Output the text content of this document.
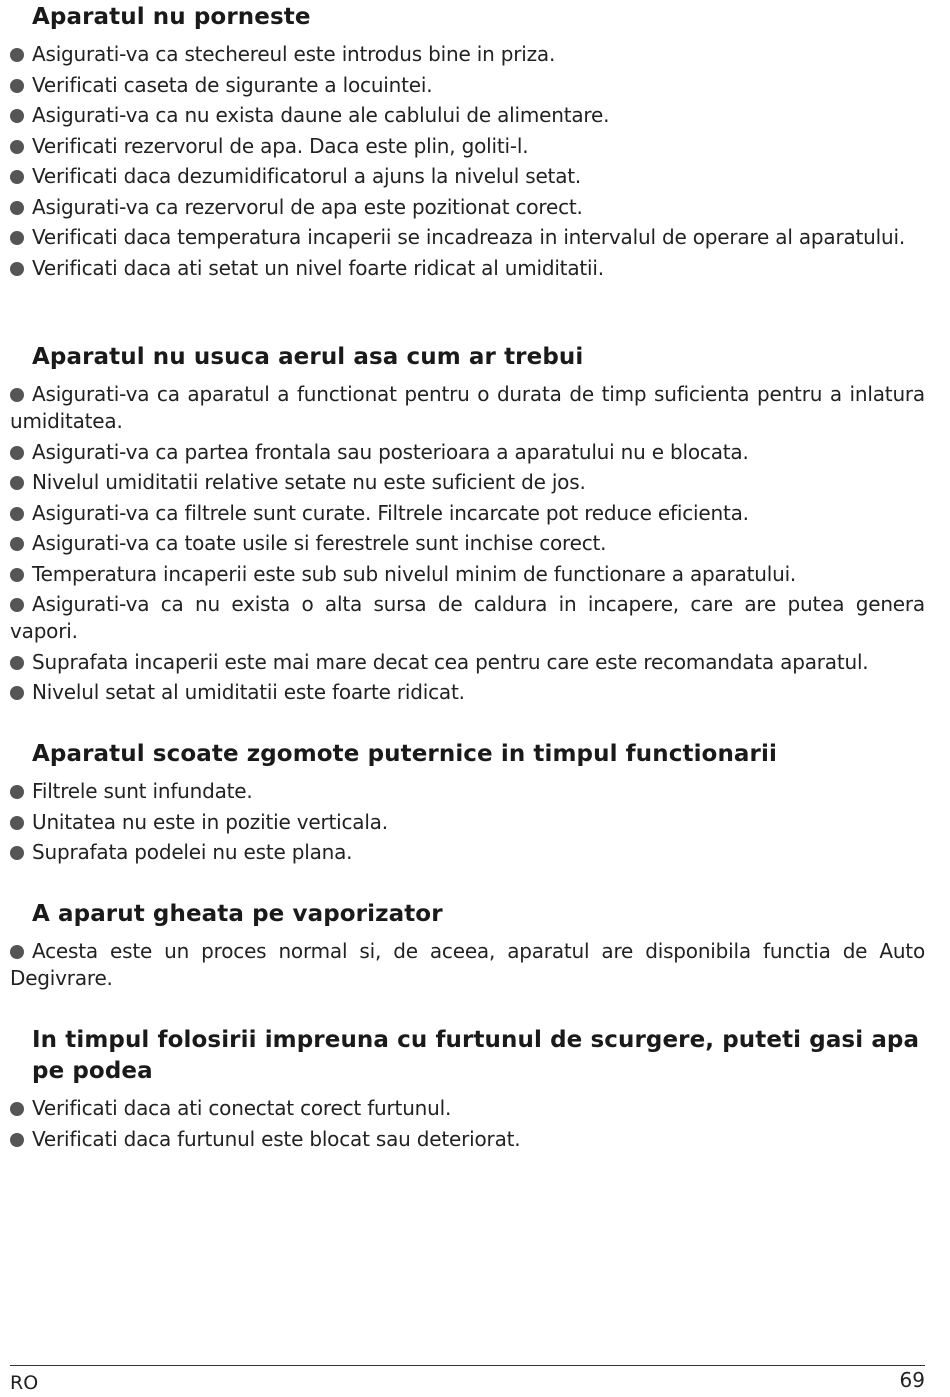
Aparatul nu porneste
Asigurati-va ca stechereul este introdus bine in priza.
Verificati caseta de sigurante a locuintei.
Asigurati-va ca nu exista daune ale cablului de alimentare.
Verificati rezervorul de apa. Daca este plin, goliti-l.
Verificati daca dezumidificatorul a ajuns la nivelul setat.
Asigurati-va ca rezervorul de apa este pozitionat corect.
Verificati daca temperatura incaperii se incadreaza in intervalul de operare al aparatului.
Verificati daca ati setat un nivel foarte ridicat al umiditatii.
Aparatul nu usuca aerul asa cum ar trebui
Asigurati-va ca aparatul a functionat pentru o durata de timp suficienta pentru a inlatura umiditatea.
Asigurati-va ca partea frontala sau posterioara a aparatului nu e blocata.
Nivelul umiditatii relative setate nu este suficient de jos.
Asigurati-va ca filtrele sunt curate. Filtrele incarcate pot reduce eficienta.
Asigurati-va ca toate usile si ferestrele sunt inchise corect.
Temperatura incaperii este sub sub nivelul minim de functionare a aparatului.
Asigurati-va ca nu exista o alta sursa de caldura in incapere, care are putea genera vapori.
Suprafata incaperii este mai mare decat cea pentru care este recomandata aparatul.
Nivelul setat al umiditatii este foarte ridicat.
Aparatul scoate zgomote puternice in timpul functionarii
Filtrele sunt infundate.
Unitatea nu este in pozitie verticala.
Suprafata podelei nu este plana.
A aparut gheata pe vaporizator
Acesta este un proces normal si, de aceea, aparatul are disponibila functia de Auto Degivrare.
In timpul folosirii impreuna cu furtunul de scurgere, puteti gasi apa pe podea
Verificati daca ati conectat corect furtunul.
Verificati daca furtunul este blocat sau deteriorat.
RO	69
